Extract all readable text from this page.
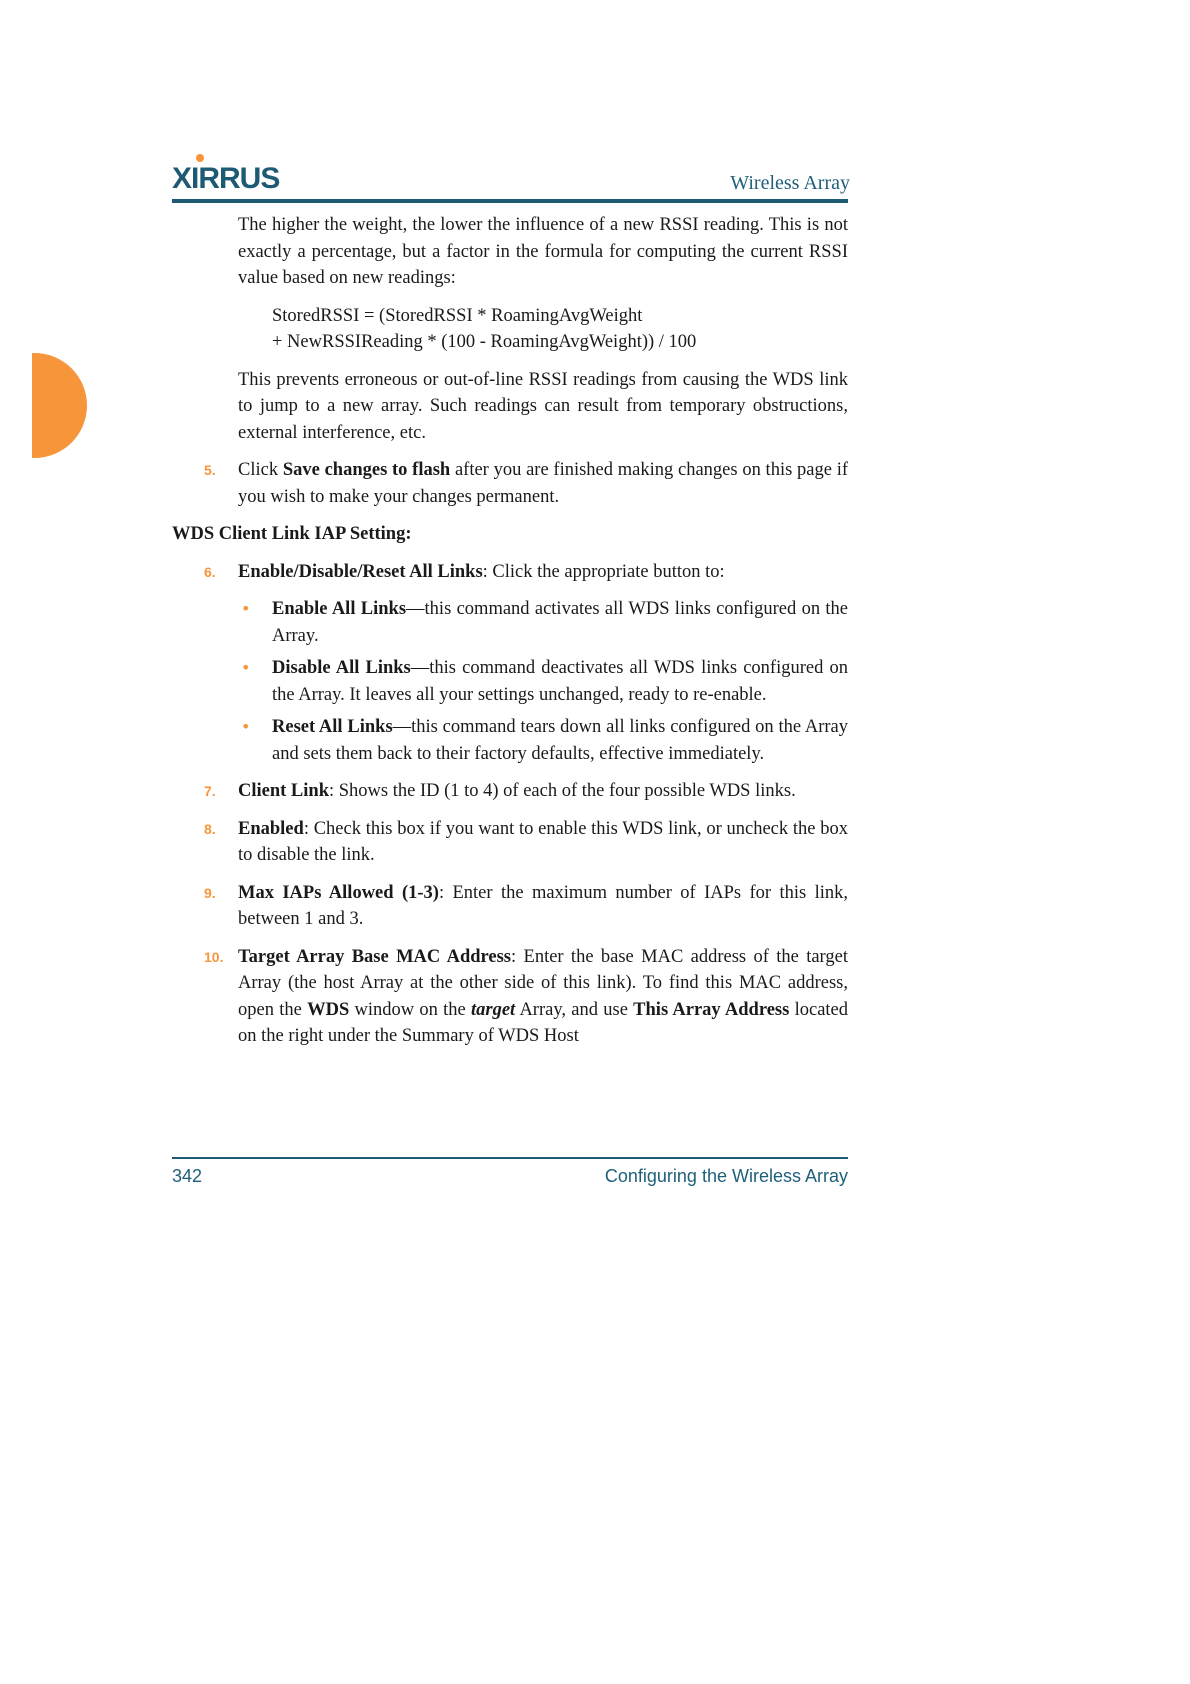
XIRRUS	Wireless Array

The higher the weight, the lower the influence of a new RSSI reading. This is not exactly a percentage, but a factor in the formula for computing the current RSSI value based on new readings:

StoredRSSI = (StoredRSSI * RoamingAvgWeight
+ NewRSSIReading * (100 - RoamingAvgWeight)) / 100

This prevents erroneous or out-of-line RSSI readings from causing the WDS link to jump to a new array. Such readings can result from temporary obstructions, external interference, etc.

5. Click Save changes to flash after you are finished making changes on this page if you wish to make your changes permanent.

WDS Client Link IAP Setting:

6. Enable/Disable/Reset All Links: Click the appropriate button to:
• Enable All Links—this command activates all WDS links configured on the Array.
• Disable All Links—this command deactivates all WDS links configured on the Array. It leaves all your settings unchanged, ready to re-enable.
• Reset All Links—this command tears down all links configured on the Array and sets them back to their factory defaults, effective immediately.
7. Client Link: Shows the ID (1 to 4) of each of the four possible WDS links.
8. Enabled: Check this box if you want to enable this WDS link, or uncheck the box to disable the link.
9. Max IAPs Allowed (1-3): Enter the maximum number of IAPs for this link, between 1 and 3.
10. Target Array Base MAC Address: Enter the base MAC address of the target Array (the host Array at the other side of this link). To find this MAC address, open the WDS window on the target Array, and use This Array Address located on the right under the Summary of WDS Host
342	Configuring the Wireless Array
